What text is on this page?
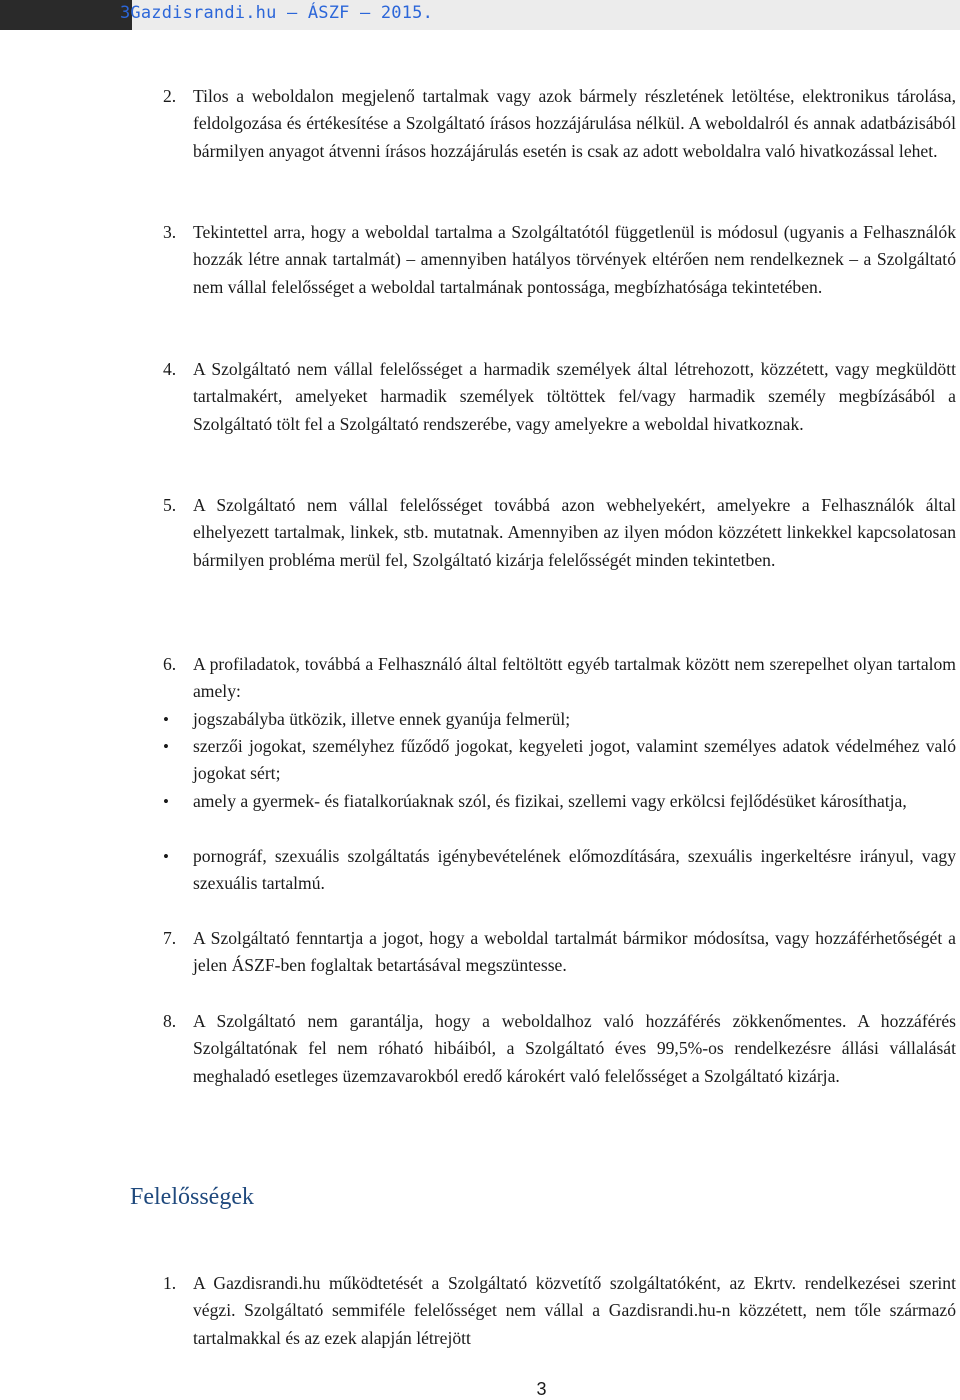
3Gazdisrandi.hu – ÁSZF – 2015.

2. Tilos a weboldalon megjelenő tartalmak vagy azok bármely részletének letöltése, elektronikus tárolása, feldolgozása és értékesítése a Szolgáltató írásos hozzájárulása nélkül. A weboldalról és annak adatbázisából bármilyen anyagot átvenni írásos hozzájárulás esetén is csak az adott weboldalra való hivatkozással lehet.
3. Tekintettel arra, hogy a weboldal tartalma a Szolgáltatótól függetlenül is módosul (ugyanis a Felhasználók hozzák létre annak tartalmát) – amennyiben hatályos törvények eltérően nem rendelkeznek – a Szolgáltató nem vállal felelősséget a weboldal tartalmának pontossága, megbízhatósága tekintetében.
4. A Szolgáltató nem vállal felelősséget a harmadik személyek által létrehozott, közzétett, vagy megküldött tartalmakért, amelyeket harmadik személyek töltöttek fel/vagy harmadik személy megbízásából a Szolgáltató tölt fel a Szolgáltató rendszerébe, vagy amelyekre a weboldal hivatkoznak.
5. A Szolgáltató nem vállal felelősséget továbbá azon webhelyekért, amelyekre a Felhasználók által elhelyezett tartalmak, linkek, stb. mutatnak. Amennyiben az ilyen módon közzétett linkekkel kapcsolatosan bármilyen probléma merül fel, Szolgáltató kizárja felelősségét minden tekintetben.
6. A profiladatok, továbbá a Felhasználó által feltöltött egyéb tartalmak között nem szerepelhet olyan tartalom amely:
• jogszabályba ütközik, illetve ennek gyanúja felmerül;
• szerzői jogokat, személyhez fűződő jogokat, kegyeleti jogot, valamint személyes adatok védelméhez való jogokat sért;
• amely a gyermek- és fiatalkorúaknak szól, és fizikai, szellemi vagy erkölcsi fejlődésüket károsíthatja,
• pornográf, szexuális szolgáltatás igénybevételének előmozdítására, szexuális ingerkeltésre irányul, vagy szexuális tartalmú.
7. A Szolgáltató fenntartja a jogot, hogy a weboldal tartalmát bármikor módosítsa, vagy hozzáférhetőségét a jelen ÁSZF-ben foglaltak betartásával megszüntesse.
8. A Szolgáltató nem garantálja, hogy a weboldalhoz való hozzáférés zökkenőmentes. A hozzáférés Szolgáltatónak fel nem róható hibáiból, a Szolgáltató éves 99,5%-os rendelkezésre állási vállalását meghaladó esetleges üzemzavarokból eredő károkért való felelősséget a Szolgáltató kizárja.
Felelősségek
1. A Gazdisrandi.hu működtetését a Szolgáltató közvetítő szolgáltatóként, az Ekrtv. rendelkezései szerint végzi. Szolgáltató semmiféle felelősséget nem vállal a Gazdisrandi.hu-n közzétett, nem tőle származó tartalmakkal és az ezek alapján létrejött
3
